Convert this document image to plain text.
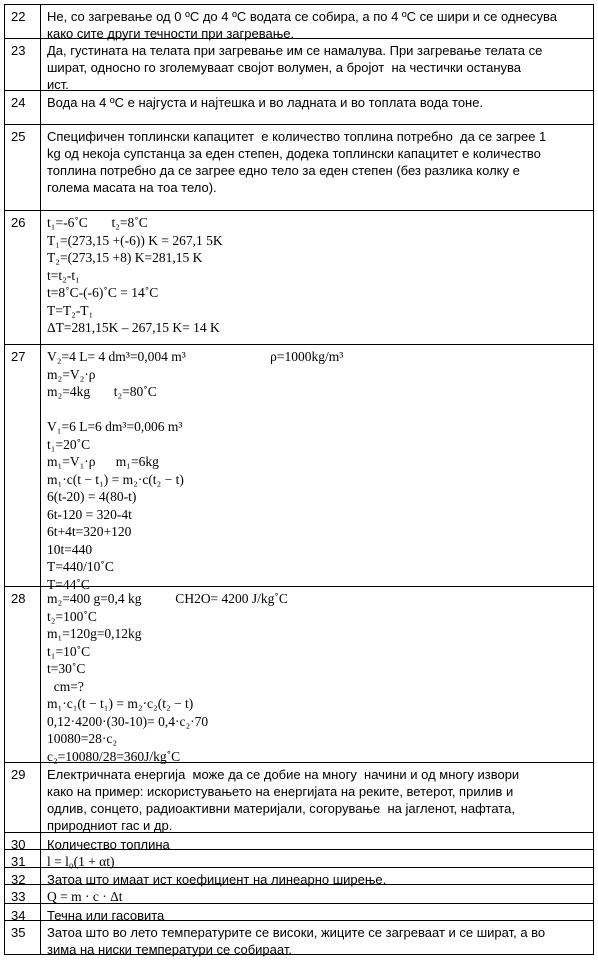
22	Не, со загревање од 0 ºС до 4 ºС водата се собира, а по 4 ºС се шири и се однесува
како сите други течности при загревање.
23	Да, густината на телата при загревање им се намалува. При загревање телата се
шират, односно го зголемуваат својот волумен, а бројот  на честички останува
ист.
24	Вода на 4 ºС е најгуста и најтешка и во ладната и во топлата вода тоне.
25	Специфичен топлински капацитет  е количество топлина потребно  да се загрее 1
kg од некоја супстанца за еден степен, додека топлински капацитет е количество
топлина потребно да се загрее едно тело за еден степен (без разлика колку е
голема масата на тоа тело).
26	t₁=-6˚C       t₂=8˚C
T₁=(273,15 +(-6)) K = 267,1 5K
T₂=(273,15 +8) K=281,15 K
t=t₂-t₁
t=8˚C-(-6)˚C = 14˚C
T=T₂-T₁
ΔT=281,15K – 267,15 K= 14 K
27	V₂=4 L= 4 dm³=0,004 m³                         ρ=1000kg/m³
m₂=V₂·ρ
m₂=4kg       t₂=80˚C
V₁=6 L=6 dm³=0,006 m³
t₁=20˚C
m₁=V₁·ρ      m₁=6kg
m₁·c(t − t₁) = m₂·c(t₂ − t)
6(t-20) = 4(80-t)
6t-120 = 320-4t
6t+4t=320+120
10t=440
T=440/10˚C
T=44˚C
28	m₂=400 g=0,4 kg          CH2O= 4200 J/kg˚C
t₂=100˚C
m₁=120g=0,12kg
t₁=10˚C
t=30˚C
cm=?
m₁·c₁(t − t₁) = m₂·c₂(t₂ − t)
0,12·4200·(30-10)= 0,4·c₂·70
10080=28·c₂
c₂=10080/28=360J/kg˚C
29	Електричната енергија  може да се добие на многу  начини и од многу извори
како на пример: искористувањето на енергијата на реките, ветерот, прилив и
одлив, сонцето, радиоактивни материјали, согорување  на јагленот, нафтата,
природниот гас и др.
30	Количество топлина
31	l = l₀(1 + αt)
32	Затоа што имаат ист коефициент на линеарно ширење.
33	Q = m · c · Δt
34	Течна или гасовита
35	Затоа што во лето температурите се високи, жиците се загреваат и се шират, а во
зима на ниски температури се собираат.
